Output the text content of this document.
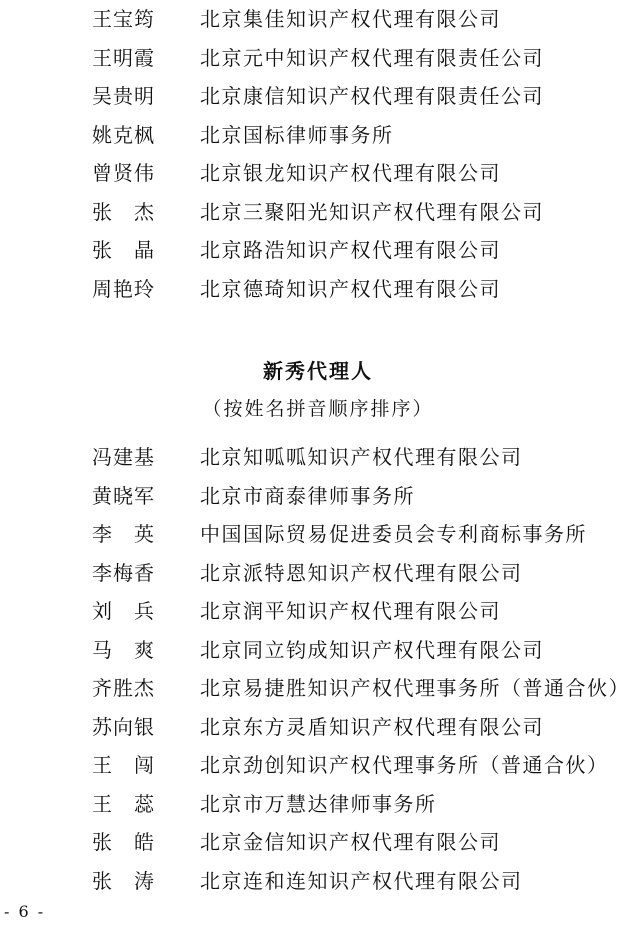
王宝筠 北京集佳知识产权代理有限公司
王明霞 北京元中知识产权代理有限责任公司
吴贵明 北京康信知识产权代理有限责任公司
姚克枫 北京国标律师事务所
曾贤伟 北京银龙知识产权代理有限公司
张　杰 北京三聚阳光知识产权代理有限公司
张　晶 北京路浩知识产权代理有限公司
周艳玲 北京德琦知识产权代理有限公司
新秀代理人
（按姓名拼音顺序排序）
冯建基 北京知呱呱知识产权代理有限公司
黄晓军 北京市商泰律师事务所
李　英 中国国际贸易促进委员会专利商标事务所
李梅香 北京派特恩知识产权代理有限公司
刘　兵 北京润平知识产权代理有限公司
马　爽 北京同立钧成知识产权代理有限公司
齐胜杰 北京易捷胜知识产权代理事务所（普通合伙）
苏向银 北京东方灵盾知识产权代理有限公司
王　闯 北京劲创知识产权代理事务所（普通合伙）
王　蕊 北京市万慧达律师事务所
张　皓 北京金信知识产权代理有限公司
张　涛 北京连和连知识产权代理有限公司
- 6 -
